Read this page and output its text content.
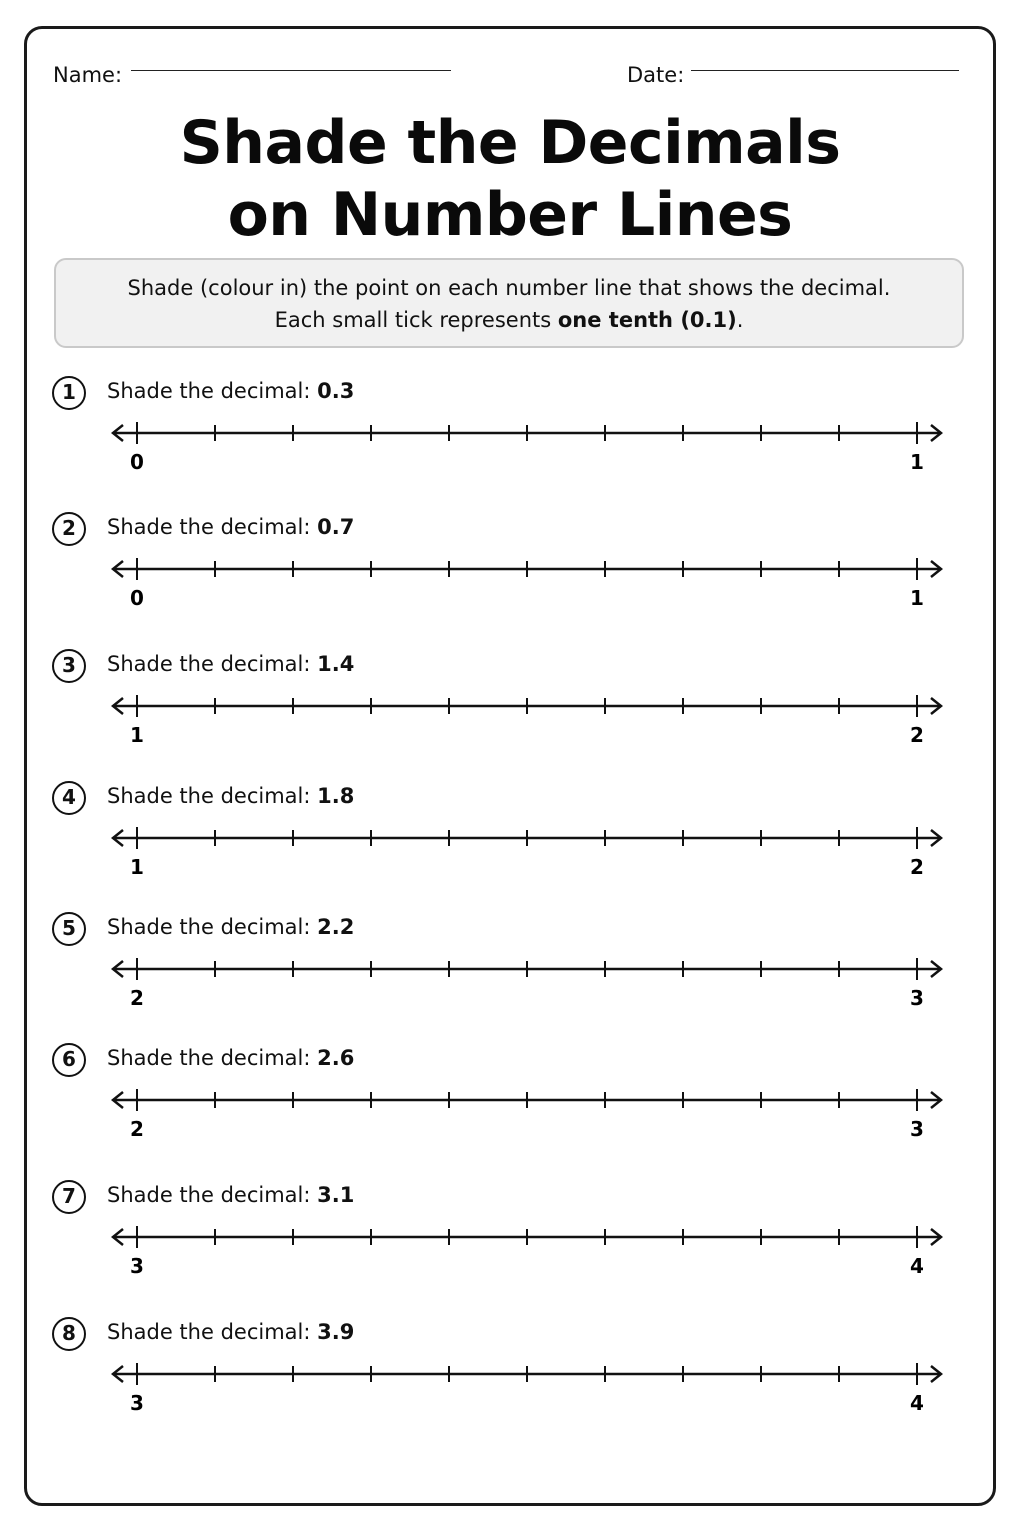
Name:	Date:
Shade the Decimals
on Number Lines
Shade (colour in) the point on each number line that shows the decimal.
Each small tick represents one tenth (0.1).
1	Shade the decimal: 0.3
0	1
2	Shade the decimal: 0.7
0	1
3	Shade the decimal: 1.4
1	2
4	Shade the decimal: 1.8
1	2
5	Shade the decimal: 2.2
2	3
6	Shade the decimal: 2.6
2	3
7	Shade the decimal: 3.1
3	4
8	Shade the decimal: 3.9
3	4
